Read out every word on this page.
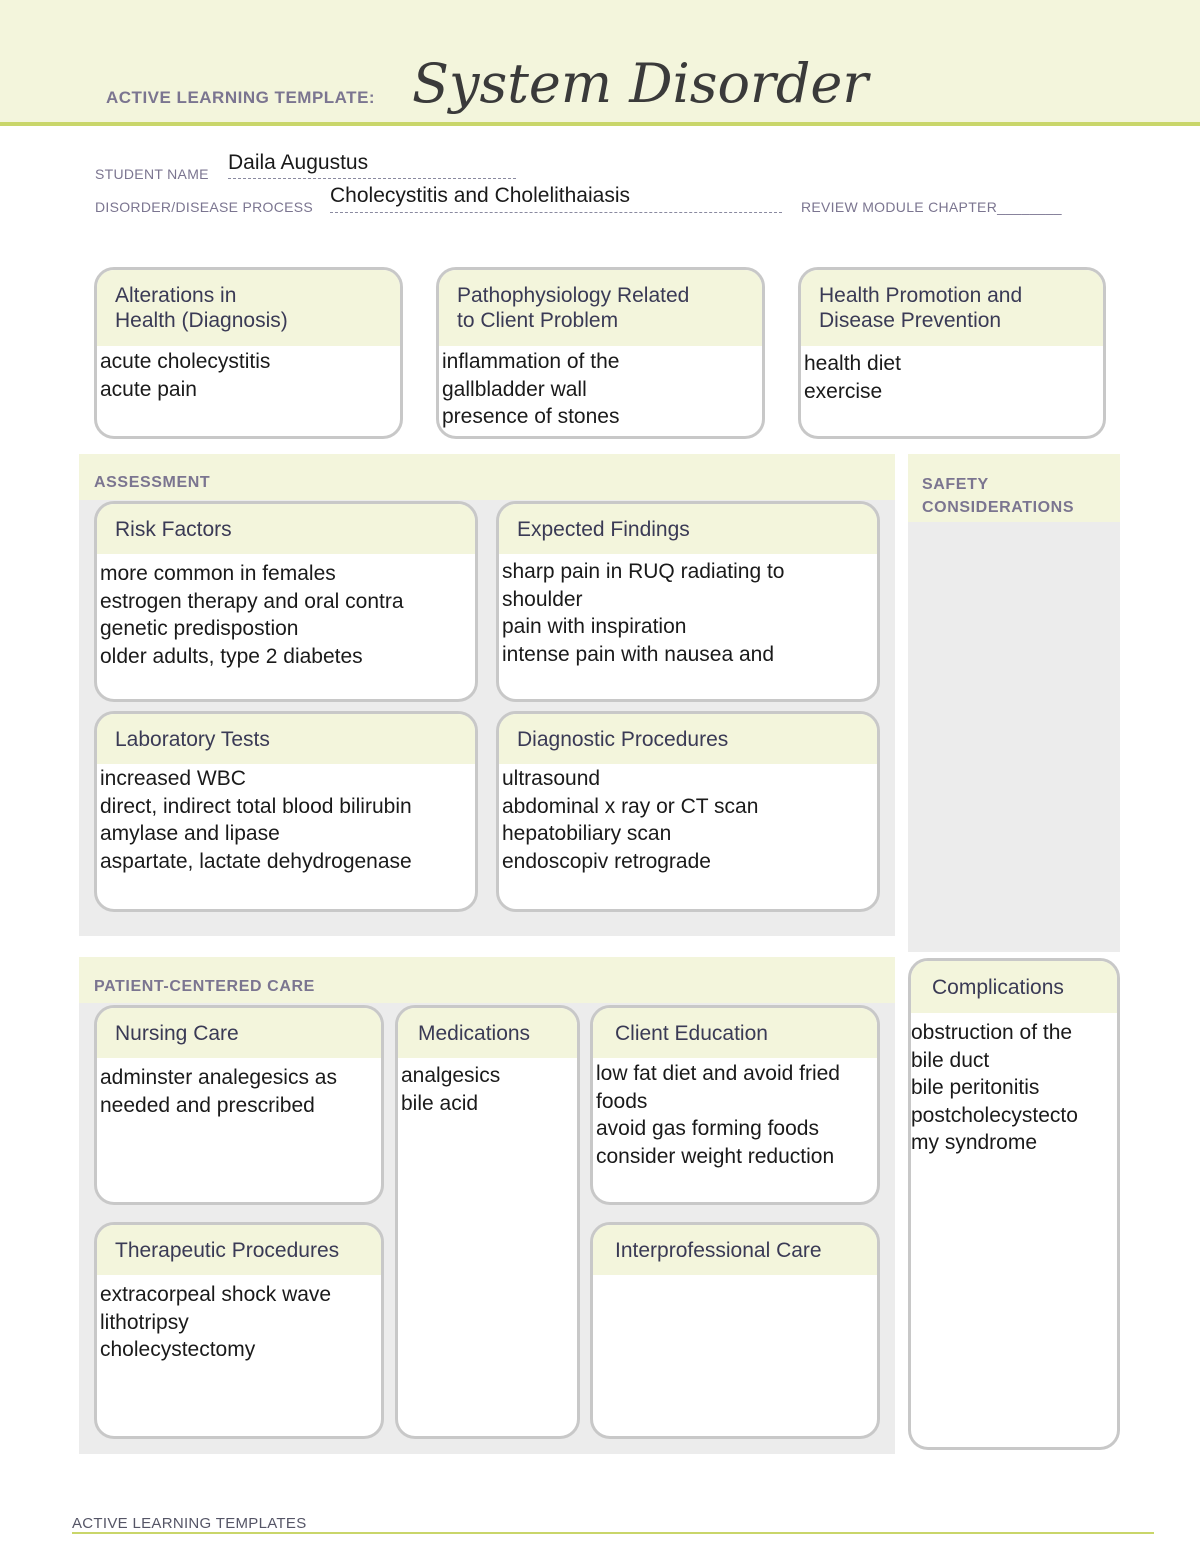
ACTIVE LEARNING TEMPLATE: System Disorder
STUDENT NAME Daila Augustus
DISORDER/DISEASE PROCESS Cholecystitis and Cholelithaiasis	REVIEW MODULE CHAPTER________
Alterations in
Health (Diagnosis)
acute cholecystitis
acute pain
Pathophysiology Related
to Client Problem
inflammation of the
gallbladder wall
presence of stones
Health Promotion and
Disease Prevention
health diet
exercise
ASSESSMENT
Risk Factors
more common in females
estrogen therapy and oral contra
genetic predispostion
older adults, type 2 diabetes
Expected Findings
sharp pain in RUQ radiating to
shoulder
pain with inspiration
intense pain with nausea and
Laboratory Tests
increased WBC
direct, indirect total blood bilirubin
amylase and lipase
aspartate, lactate dehydrogenase
Diagnostic Procedures
ultrasound
abdominal x ray or CT scan
hepatobiliary scan
endoscopiv retrograde
SAFETY
CONSIDERATIONS
Complications
obstruction of the
bile duct
bile peritonitis
postcholecystecto
my syndrome
PATIENT-CENTERED CARE
Nursing Care
adminster analegesics as
needed and prescribed
Medications
analgesics
bile acid
Client Education
low fat diet and avoid fried
foods
avoid gas forming foods
consider weight reduction
Therapeutic Procedures
extracorpeal shock wave
lithotripsy
cholecystectomy
Interprofessional Care
ACTIVE LEARNING TEMPLATES
